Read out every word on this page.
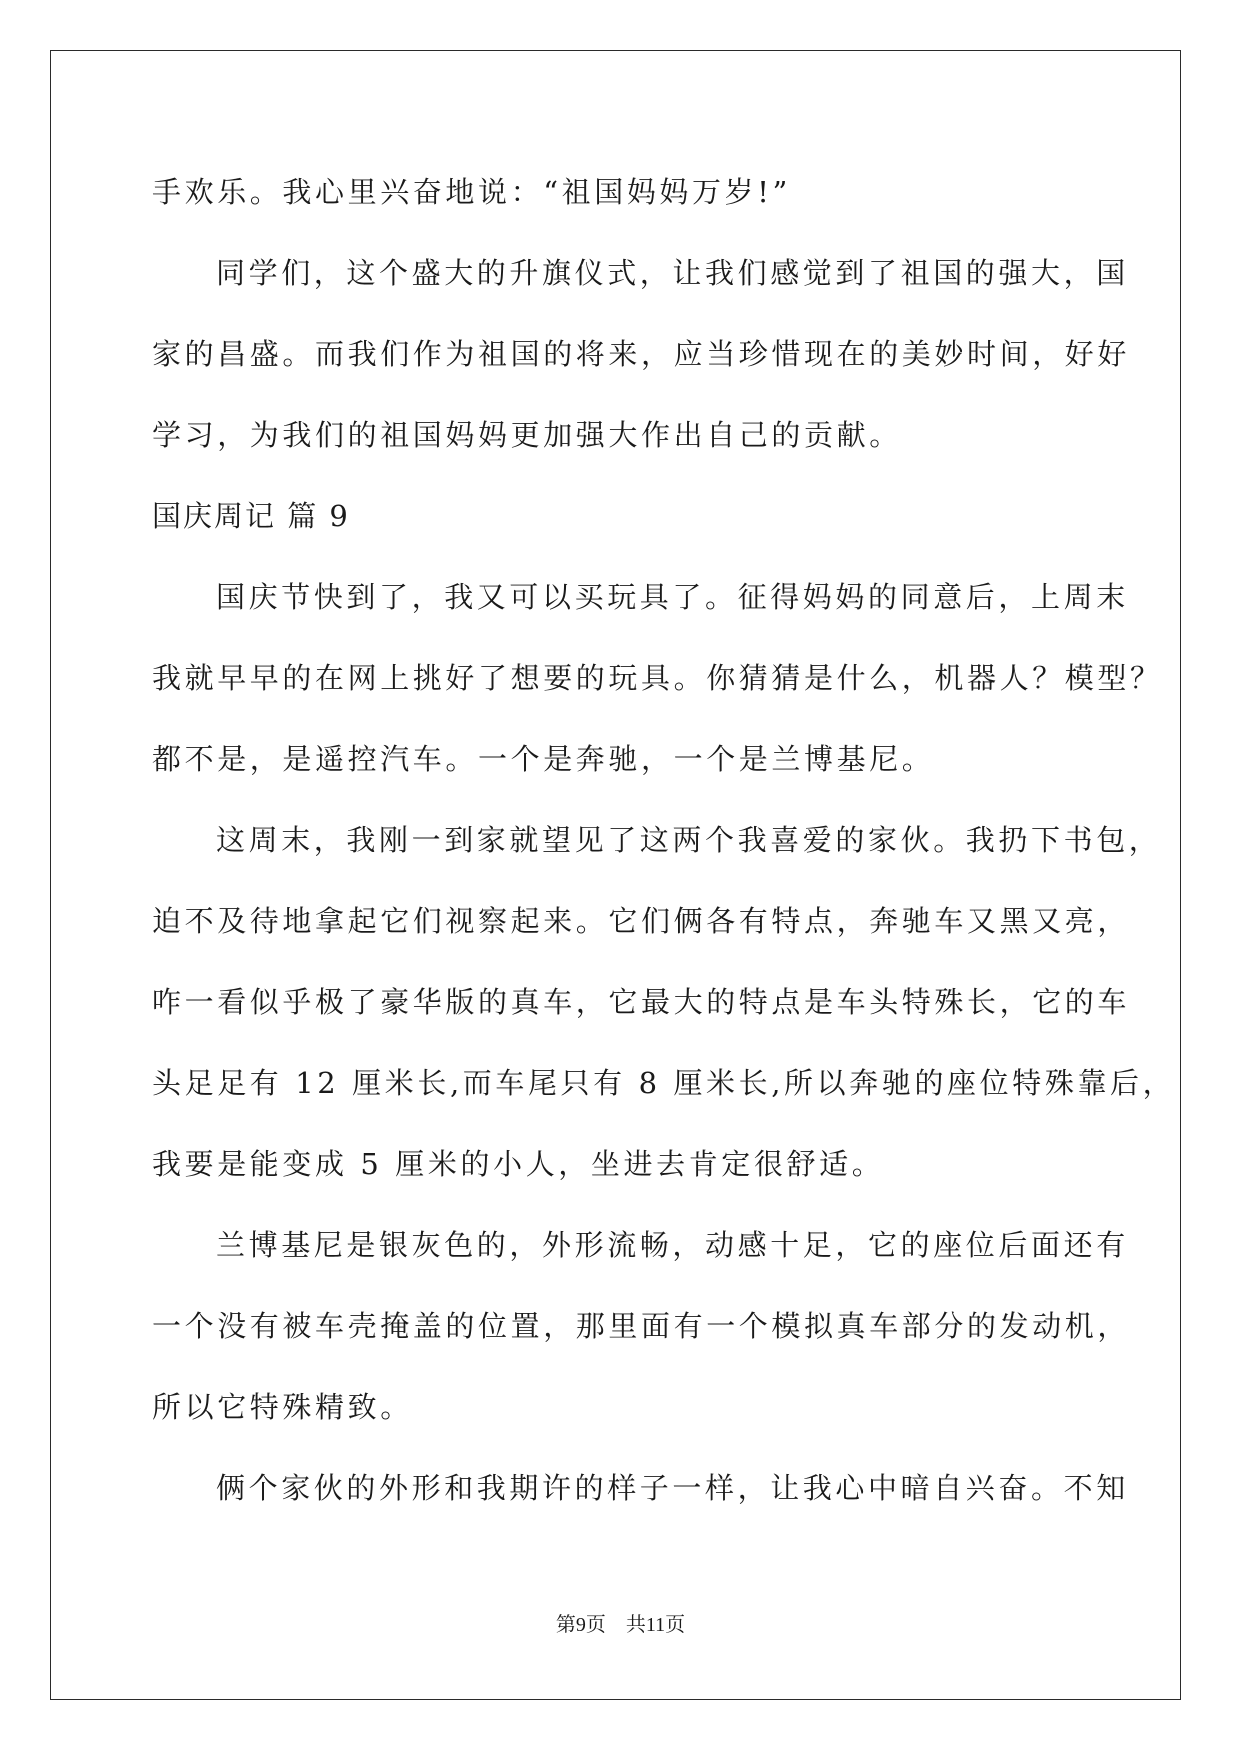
手欢乐。我心里兴奋地说：“祖国妈妈万岁!”
同学们，这个盛大的升旗仪式，让我们感觉到了祖国的强大，国
家的昌盛。而我们作为祖国的将来，应当珍惜现在的美妙时间，好好
学习，为我们的祖国妈妈更加强大作出自己的贡献。
国庆周记 篇 9
国庆节快到了，我又可以买玩具了。征得妈妈的同意后，上周末
我就早早的在网上挑好了想要的玩具。你猜猜是什么，机器人？模型？
都不是，是遥控汽车。一个是奔驰，一个是兰博基尼。
这周末，我刚一到家就望见了这两个我喜爱的家伙。我扔下书包，
迫不及待地拿起它们视察起来。它们俩各有特点，奔驰车又黑又亮，
咋一看似乎极了豪华版的真车，它最大的特点是车头特殊长，它的车
头足足有 12 厘米长,而车尾只有 8 厘米长,所以奔驰的座位特殊靠后，
我要是能变成 5 厘米的小人，坐进去肯定很舒适。
兰博基尼是银灰色的，外形流畅，动感十足，它的座位后面还有
一个没有被车壳掩盖的位置，那里面有一个模拟真车部分的发动机，
所以它特殊精致。
俩个家伙的外形和我期许的样子一样，让我心中暗自兴奋。不知
第9页 共11页
